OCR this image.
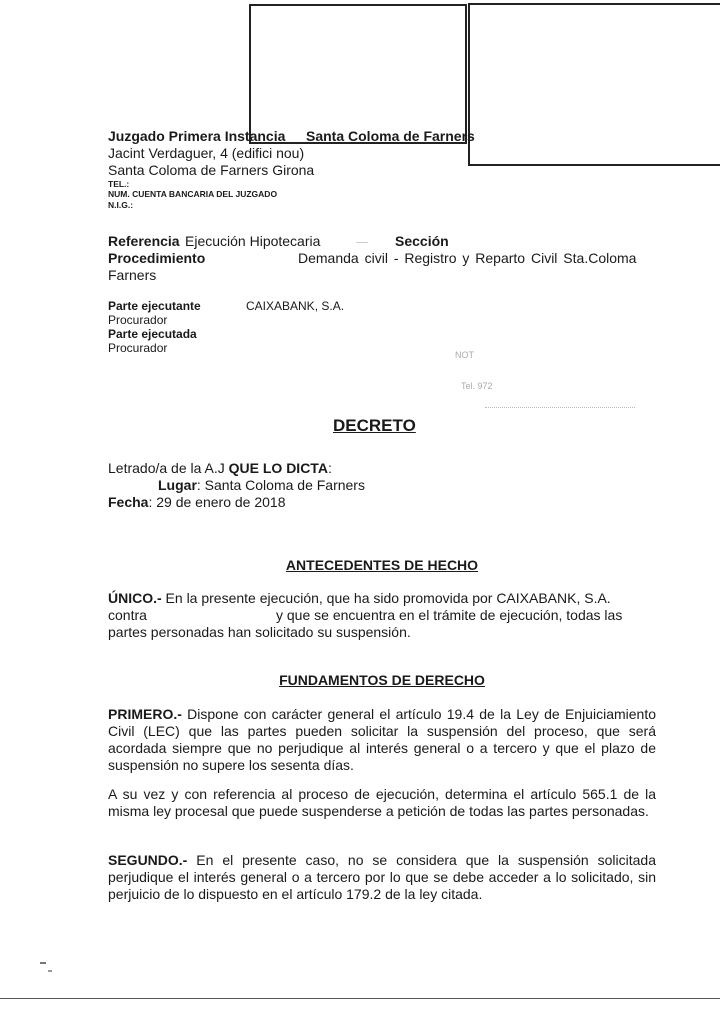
Juzgado Primera Instancia Santa Coloma de Farners
Jacint Verdaguer, 4 (edifici nou)
Santa Coloma de Farners Girona
TEL.:
NUM. CUENTA BANCARIA DEL JUZGADO
N.I.G.:
Referencia Ejecución Hipotecaria	Sección
Procedimiento	Demanda civil - Registro y Reparto Civil Sta.Coloma
Farners
Parte ejecutante	CAIXABANK, S.A.
Procurador
Parte ejecutada
Procurador	NOT
Tel. 972
DECRETO
Letrado/a de la A.J QUE LO DICTA:
Lugar: Santa Coloma de Farners
Fecha: 29 de enero de 2018
ANTECEDENTES DE HECHO
ÚNICO.- En la presente ejecución, que ha sido promovida por CAIXABANK, S.A.
contra	y que se encuentra en el trámite de ejecución, todas las
partes personadas han solicitado su suspensión.
FUNDAMENTOS DE DERECHO
PRIMERO.- Dispone con carácter general el artículo 19.4 de la Ley de Enjuiciamiento Civil (LEC) que las partes pueden solicitar la suspensión del proceso, que será acordada siempre que no perjudique al interés general o a tercero y que el plazo de suspensión no supere los sesenta días.
A su vez y con referencia al proceso de ejecución, determina el artículo 565.1 de la misma ley procesal que puede suspenderse a petición de todas las partes personadas.
SEGUNDO.- En el presente caso, no se considera que la suspensión solicitada perjudique el interés general o a tercero por lo que se debe acceder a lo solicitado, sin perjuicio de lo dispuesto en el artículo 179.2 de la ley citada.
